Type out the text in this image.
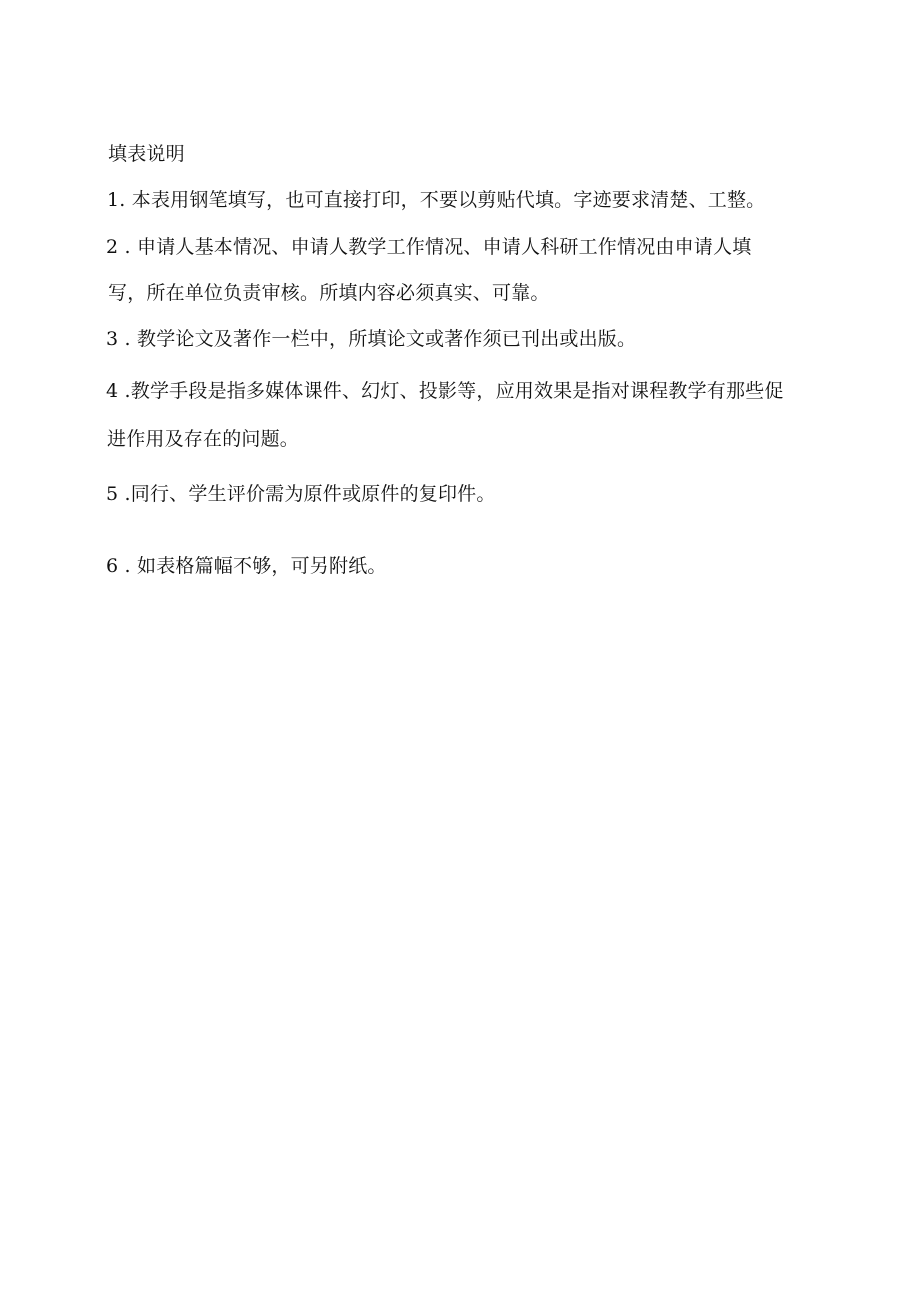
填表说明
1. 本表用钢笔填写，也可直接打印，不要以剪贴代填。字迹要求清楚、工整。
2 . 申请人基本情况、申请人教学工作情况、申请人科研工作情况由申请人填
写，所在单位负责审核。所填内容必须真实、可靠。
3 . 教学论文及著作一栏中，所填论文或著作须已刊出或出版。
4 .教学手段是指多媒体课件、幻灯、投影等，应用效果是指对课程教学有那些促
进作用及存在的问题。
5 .同行、学生评价需为原件或原件的复印件。
6 . 如表格篇幅不够，可另附纸。
